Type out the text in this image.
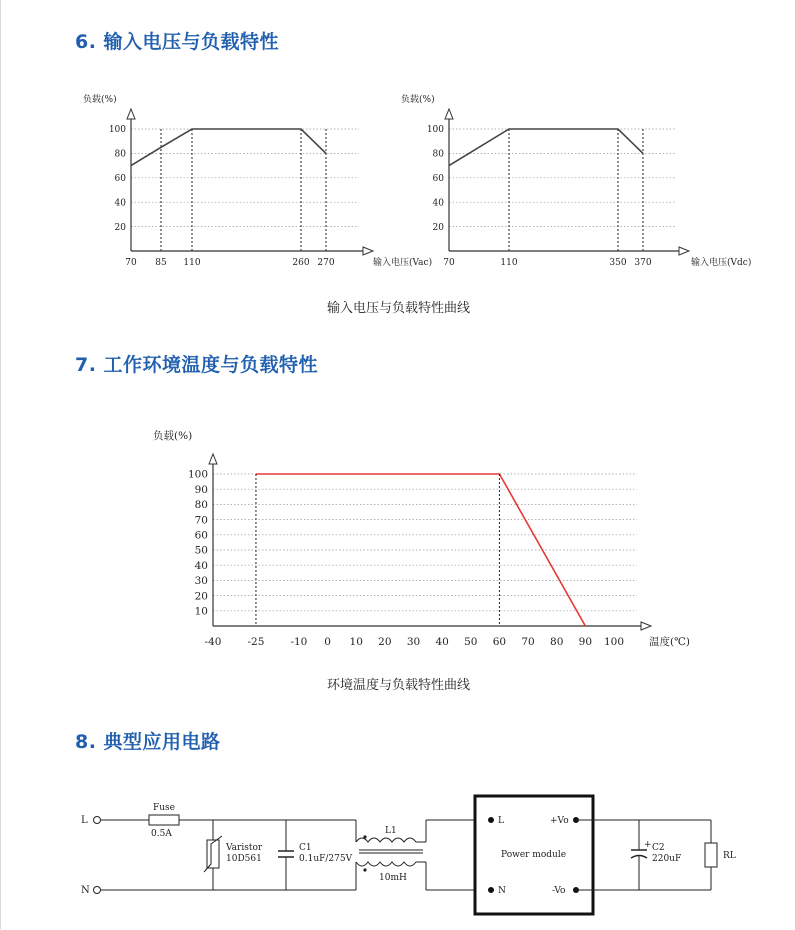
6. 输入电压与负载特性
100
80
60
40
20
70 85 110	260 270
负载(%)
输入电压(Vac)
100
80
60
40
20
70	110	350 370
负载(%)
输入电压(Vdc)
输入电压与负载特性曲线
7. 工作环境温度与负载特性
100
90
80
70
60
50
40
30
20
10
-40 -25 -10 0 10 20 30 40 50 60 70 80 90 100
负载(%)
温度(℃)
环境温度与负载特性曲线
8. 典型应用电路
L
N
Fuse
0.5A
Varistor
10D561
C1
0.1uF/275V
L1
10mH
Power module
L
N
+Vo
-Vo
+ C2
220uF	RL
